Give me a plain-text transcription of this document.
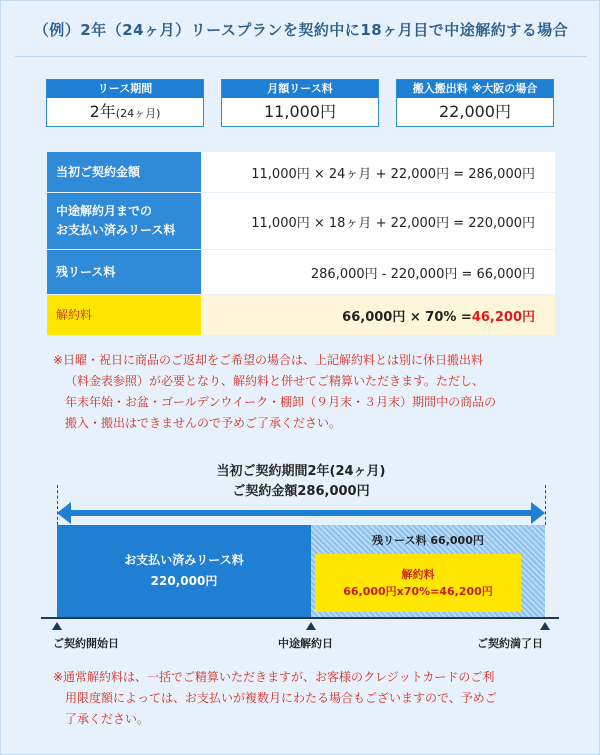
（例）2年（24ヶ月）リースプランを契約中に18ヶ月目で中途解約する場合
リース期間
2年(24ヶ月)
月額リース料
11,000円
搬入搬出料 ※大阪の場合
22,000円
当初ご契約金額	11,000円 × 24ヶ月 + 22,000円 = 286,000円
中途解約月までの
お支払い済みリース料	11,000円 × 18ヶ月 + 22,000円 = 220,000円
残リース料	286,000円 - 220,000円 = 66,000円
解約料	66,000円 × 70% = 46,200円
※日曜・祝日に商品のご返却をご希望の場合は、上記解約料とは別に休日搬出料
（料金表参照）が必要となり、解約料と併せてご精算いただきます。ただし、
年末年始・お盆・ゴールデンウイーク・棚卸（９月末・３月末）期間中の商品の
搬入・搬出はできませんので予めご了承ください。
当初ご契約期間2年(24ヶ月)
ご契約金額286,000円
お支払い済みリース料
220,000円
残リース料 66,000円
解約料
66,000円x70%=46,200円
ご契約開始日	中途解約日	ご契約満了日
※通常解約料は、一括でご精算いただきますが、お客様のクレジットカードのご利
用限度額によっては、お支払いが複数月にわたる場合もございますので、予めご
了承ください。
